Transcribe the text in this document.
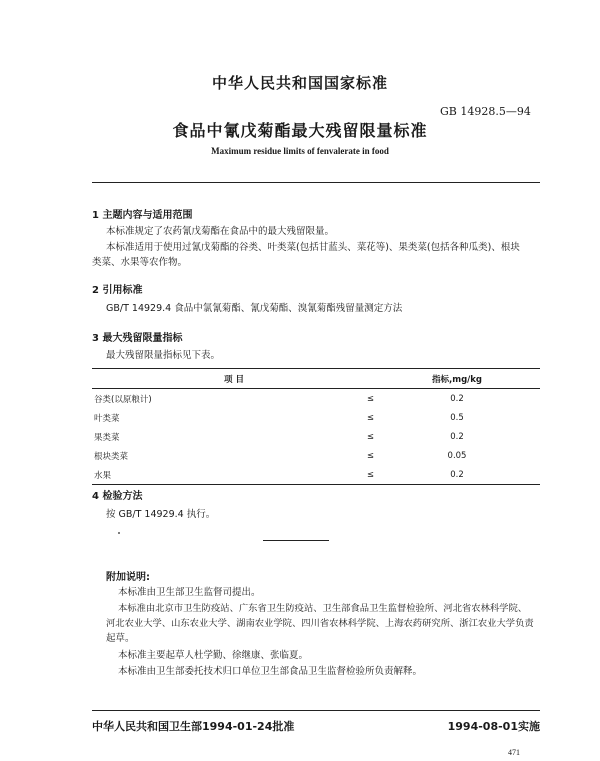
中华人民共和国国家标准
GB 14928.5—94
食品中氰戊菊酯最大残留限量标准
Maximum residue limits of fenvalerate in food
1 主题内容与适用范围
本标准规定了农药氰戊菊酯在食品中的最大残留限量。
本标准适用于使用过氰戊菊酯的谷类、叶类菜(包括甘蓝头、菜花等)、果类菜(包括各种瓜类)、根块
类菜、水果等农作物。
2 引用标准
GB/T 14929.4 食品中氯氰菊酯、氰戊菊酯、溴氰菊酯残留量测定方法
3 最大残留限量指标
最大残留限量指标见下表。
项 目		指标,mg/kg
谷类(以原粮计)	≤	0.2
叶类菜	≤	0.5
果类菜	≤	0.2
根块类菜	≤	0.05
水果	≤	0.2
4 检验方法
按 GB/T 14929.4 执行。
附加说明:
本标准由卫生部卫生监督司提出。
本标准由北京市卫生防疫站、广东省卫生防疫站、卫生部食品卫生监督检验所、河北省农林科学院、
河北农业大学、山东农业大学、湖南农业学院、四川省农林科学院、上海农药研究所、浙江农业大学负责
起草。
本标准主要起草人杜学勤、徐继康、张临夏。
本标准由卫生部委托技术归口单位卫生部食品卫生监督检验所负责解释。
中华人民共和国卫生部1994-01-24批准	1994-08-01实施
471
